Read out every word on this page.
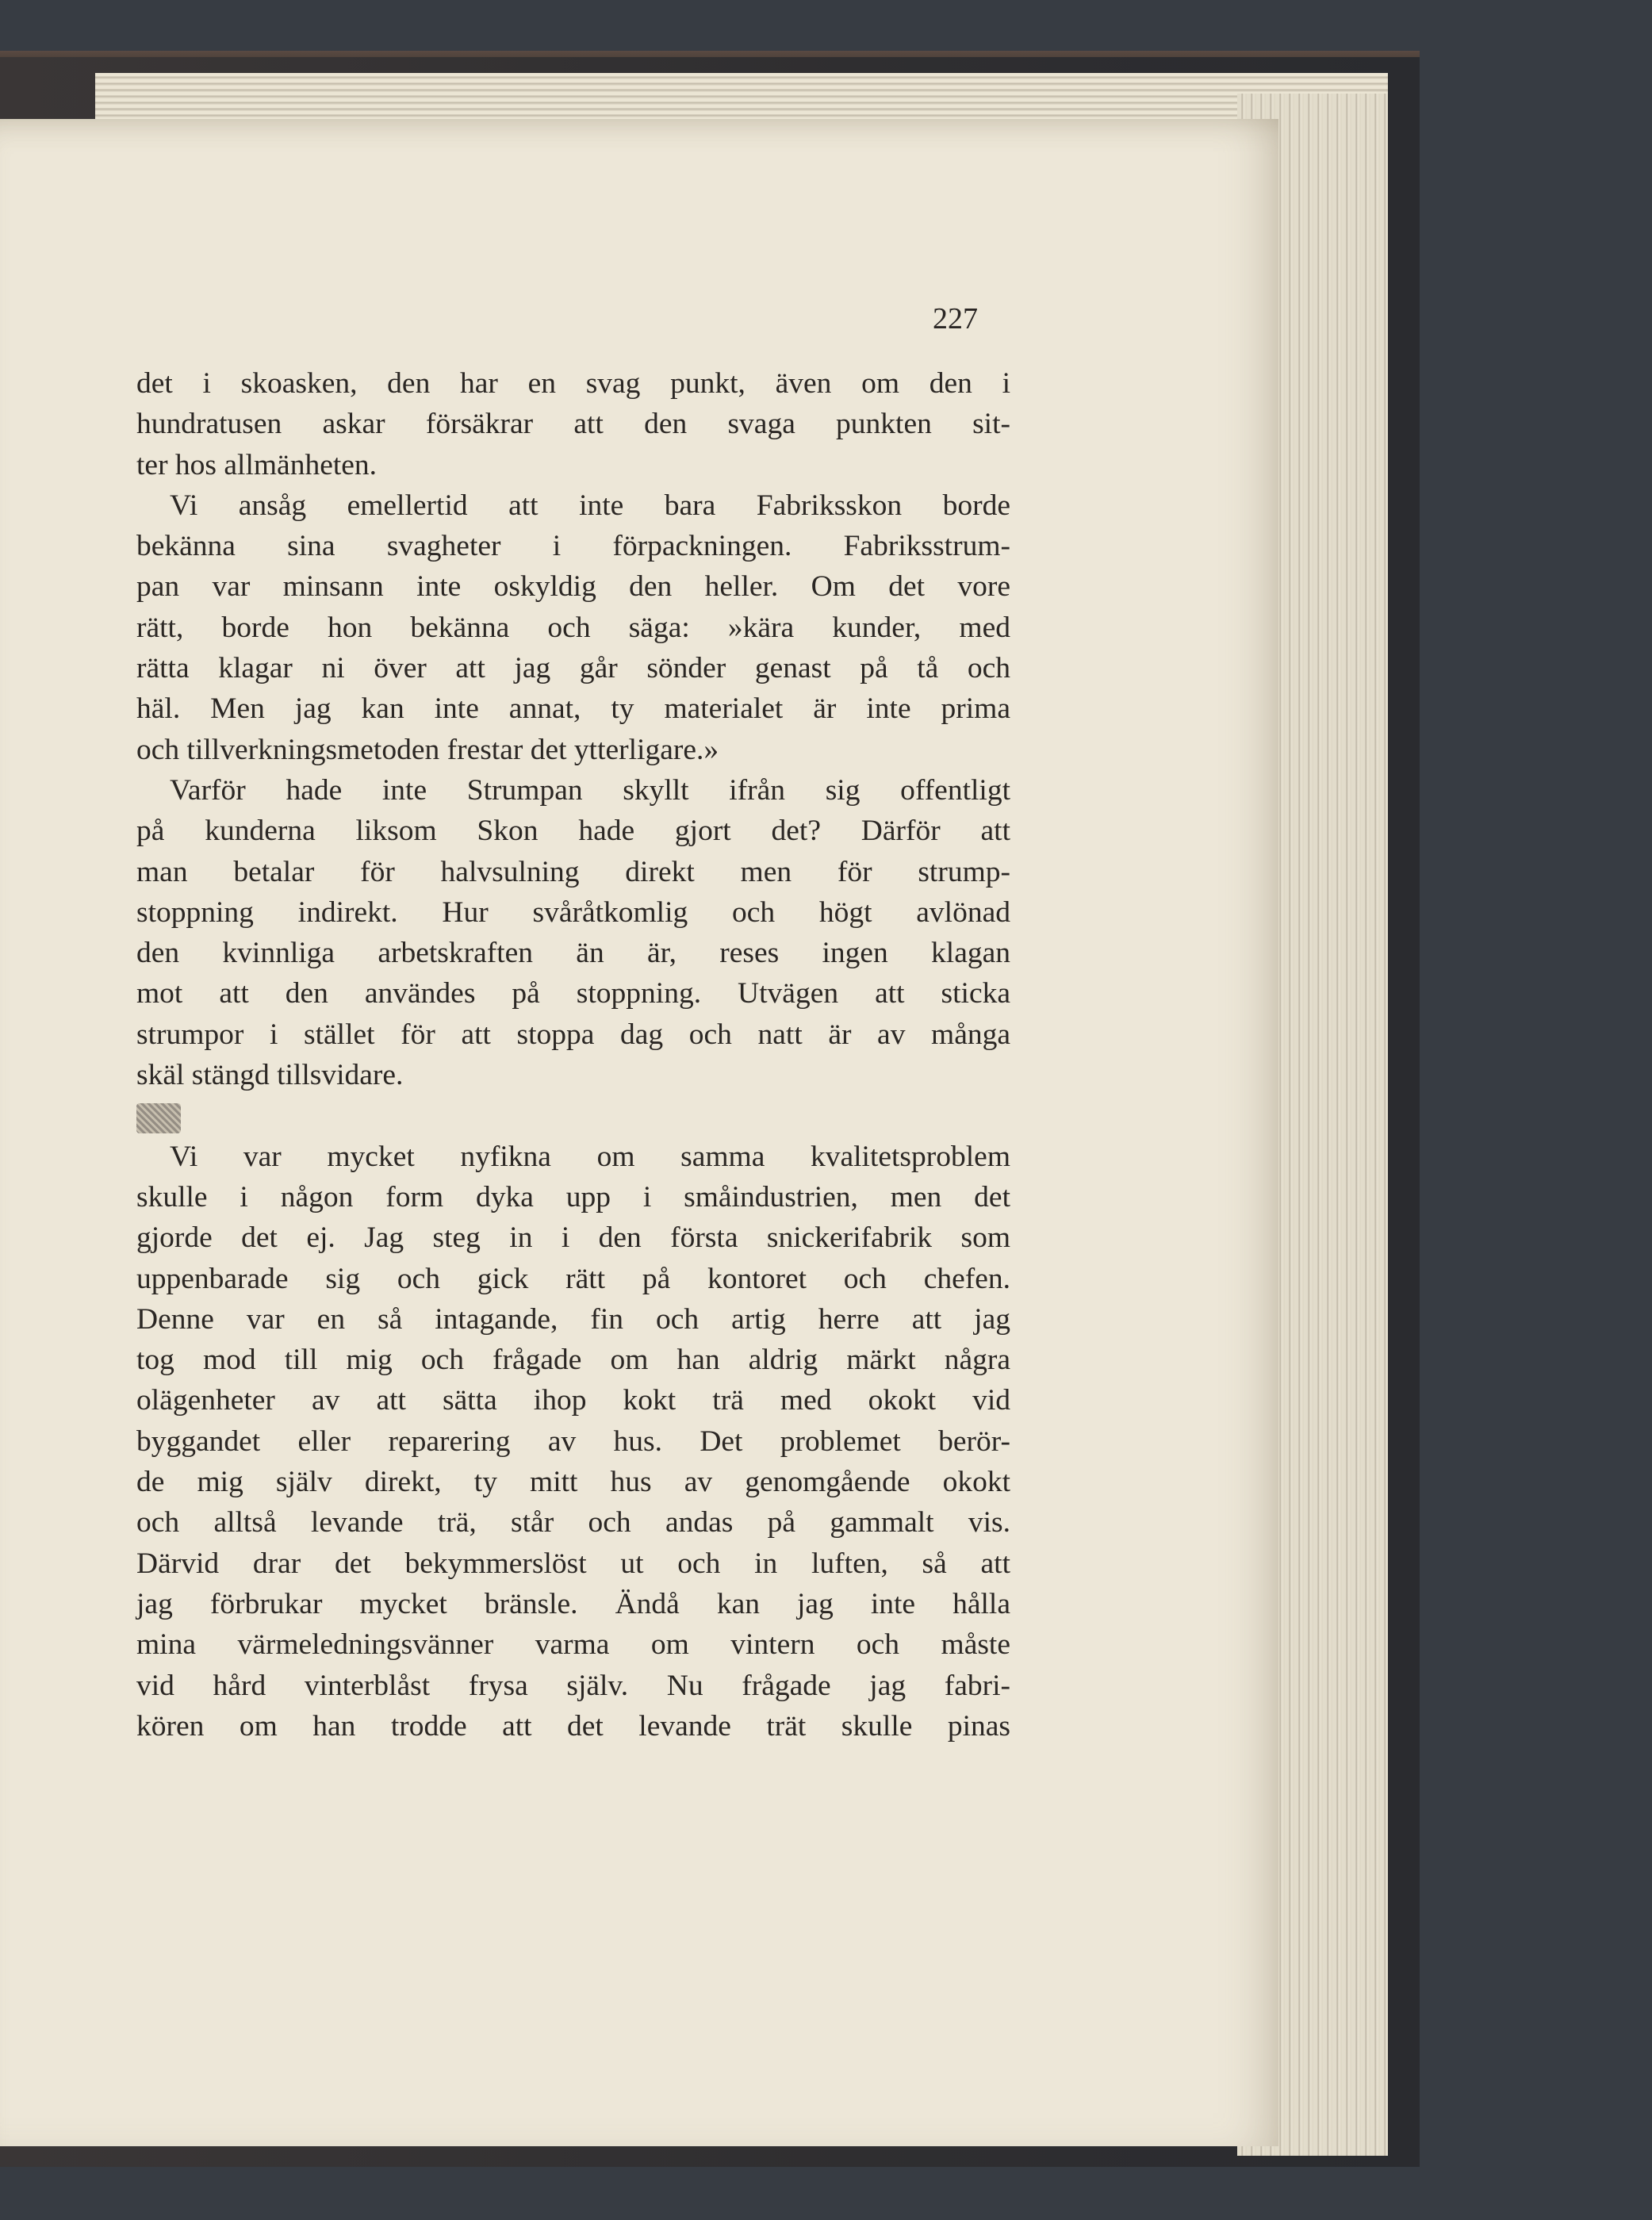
227
det i skoasken, den har en svag punkt, även om den i
hundratusen askar försäkrar att den svaga punkten sit-
ter hos allmänheten.
Vi ansåg emellertid att inte bara Fabriksskon borde
bekänna sina svagheter i förpackningen. Fabriksstrum-
pan var minsann inte oskyldig den heller. Om det vore
rätt, borde hon bekänna och säga: »kära kunder, med
rätta klagar ni över att jag går sönder genast på tå och
häl. Men jag kan inte annat, ty materialet är inte prima
och tillverkningsmetoden frestar det ytterligare.»
Varför hade inte Strumpan skyllt ifrån sig offentligt
på kunderna liksom Skon hade gjort det? Därför att
man betalar för halvsulning direkt men för strump-
stoppning indirekt. Hur svåråtkomlig och högt avlönad
den kvinnliga arbetskraften än är, reses ingen klagan
mot att den användes på stoppning. Utvägen att sticka
strumpor i stället för att stoppa dag och natt är av många
skäl stängd tillsvidare.
Vi var mycket nyfikna om samma kvalitetsproblem
skulle i någon form dyka upp i småindustrien, men det
gjorde det ej. Jag steg in i den första snickerifabrik som
uppenbarade sig och gick rätt på kontoret och chefen.
Denne var en så intagande, fin och artig herre att jag
tog mod till mig och frågade om han aldrig märkt några
olägenheter av att sätta ihop kokt trä med okokt vid
byggandet eller reparering av hus. Det problemet berör-
de mig själv direkt, ty mitt hus av genomgående okokt
och alltså levande trä, står och andas på gammalt vis.
Därvid drar det bekymmerslöst ut och in luften, så att
jag förbrukar mycket bränsle. Ändå kan jag inte hålla
mina värmeledningsvänner varma om vintern och måste
vid hård vinterblåst frysa själv. Nu frågade jag fabri-
kören om han trodde att det levande trät skulle pinas
